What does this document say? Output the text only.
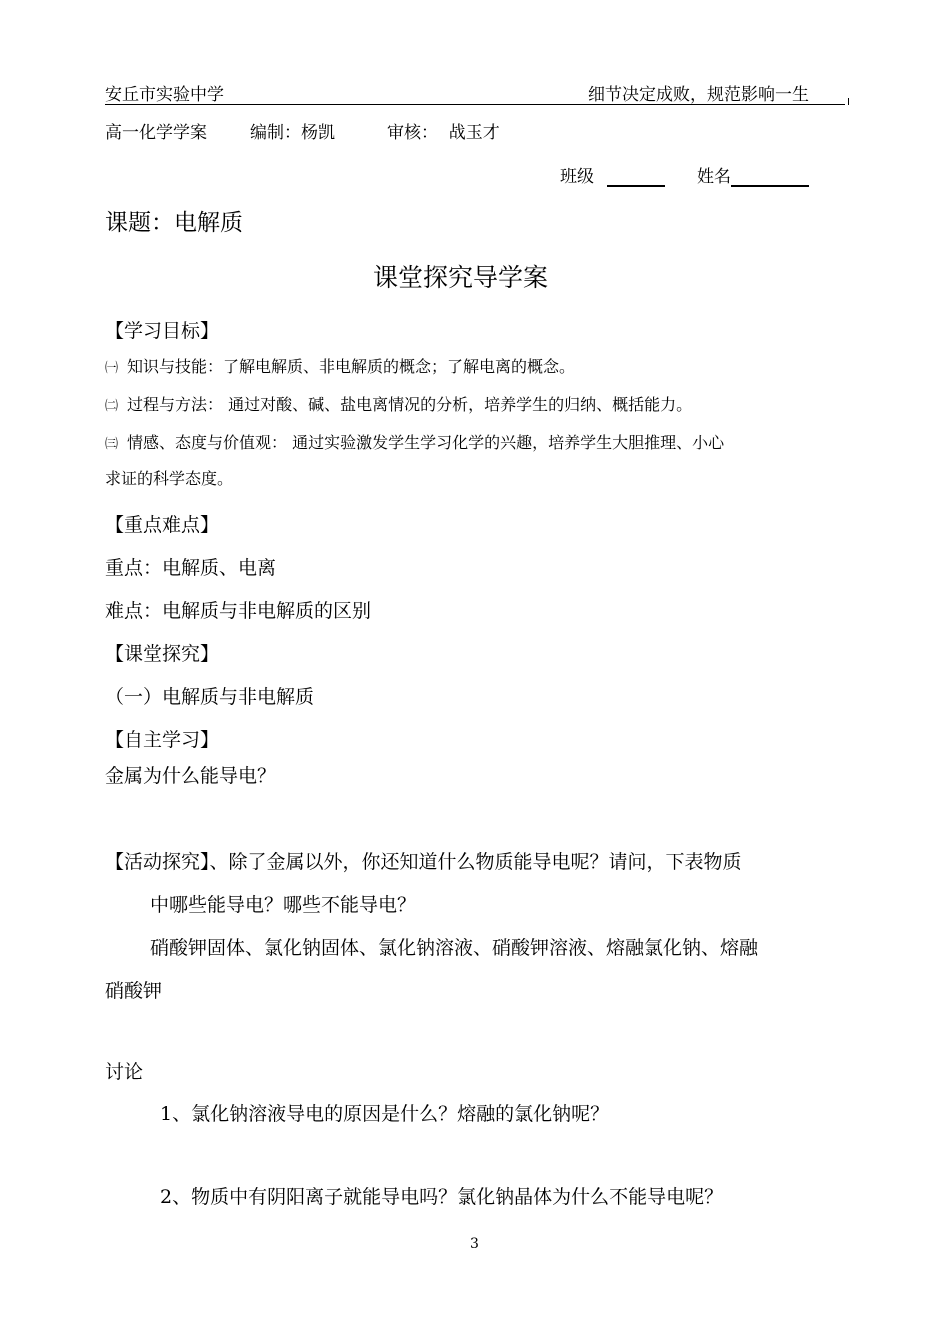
安丘市实验中学	细节决定成败，规范影响一生
高一化学学案	编制：杨凯	审核：  战玉才
班级	姓名
课题：电解质
课堂探究导学案
【学习目标】
㈠ 知识与技能：了解电解质、非电解质的概念；了解电离的概念。
㈡ 过程与方法： 通过对酸、碱、盐电离情况的分析，培养学生的归纳、概括能力。
㈢ 情感、态度与价值观： 通过实验激发学生学习化学的兴趣，培养学生大胆推理、小心
求证的科学态度。
【重点难点】
重点：电解质、电离
难点：电解质与非电解质的区别
【课堂探究】
（一）电解质与非电解质
【自主学习】
金属为什么能导电？
【活动探究】、除了金属以外，你还知道什么物质能导电呢？请问，下表物质
中哪些能导电？哪些不能导电？
硝酸钾固体、氯化钠固体、氯化钠溶液、硝酸钾溶液、熔融氯化钠、熔融
硝酸钾
讨论
1、氯化钠溶液导电的原因是什么？熔融的氯化钠呢？
2、物质中有阴阳离子就能导电吗？氯化钠晶体为什么不能导电呢？
3
